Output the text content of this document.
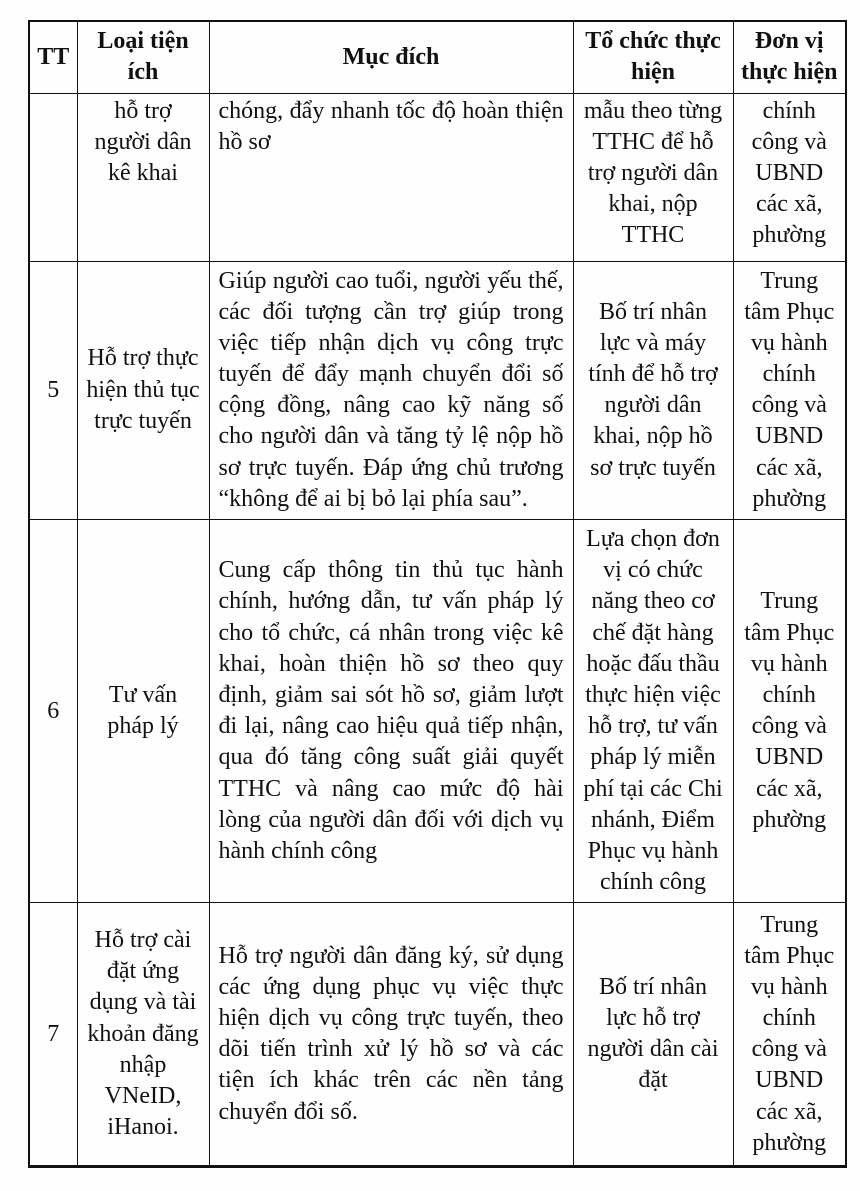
TT	Loại tiện ích	Mục đích	Tổ chức thực hiện	Đơn vị thực hiện
	hỗ trợ người dân kê khai	chóng, đẩy nhanh tốc độ hoàn thiện hồ sơ	mẫu theo từng TTHC để hỗ trợ người dân khai, nộp TTHC	chính công và UBND các xã, phường
5	Hỗ trợ thực hiện thủ tục trực tuyến	Giúp người cao tuổi, người yếu thế, các đối tượng cần trợ giúp trong việc tiếp nhận dịch vụ công trực tuyến để đẩy mạnh chuyển đổi số cộng đồng, nâng cao kỹ năng số cho người dân và tăng tỷ lệ nộp hồ sơ trực tuyến. Đáp ứng chủ trương “không để ai bị bỏ lại phía sau”.	Bố trí nhân lực và máy tính để hỗ trợ người dân khai, nộp hồ sơ trực tuyến	Trung tâm Phục vụ hành chính công và UBND các xã, phường
6	Tư vấn pháp lý	Cung cấp thông tin thủ tục hành chính, hướng dẫn, tư vấn pháp lý cho tổ chức, cá nhân trong việc kê khai, hoàn thiện hồ sơ theo quy định, giảm sai sót hồ sơ, giảm lượt đi lại, nâng cao hiệu quả tiếp nhận, qua đó tăng công suất giải quyết TTHC và nâng cao mức độ hài lòng của người dân đối với dịch vụ hành chính công	Lựa chọn đơn vị có chức năng theo cơ chế đặt hàng hoặc đấu thầu thực hiện việc hỗ trợ, tư vấn pháp lý miễn phí tại các Chi nhánh, Điểm Phục vụ hành chính công	Trung tâm Phục vụ hành chính công và UBND các xã, phường
7	Hỗ trợ cài đặt ứng dụng và tài khoản đăng nhập VNeID, iHanoi.	Hỗ trợ người dân đăng ký, sử dụng các ứng dụng phục vụ việc thực hiện dịch vụ công trực tuyến, theo dõi tiến trình xử lý hồ sơ và các tiện ích khác trên các nền tảng chuyển đổi số.	Bố trí nhân lực hỗ trợ người dân cài đặt	Trung tâm Phục vụ hành chính công và UBND các xã, phường
